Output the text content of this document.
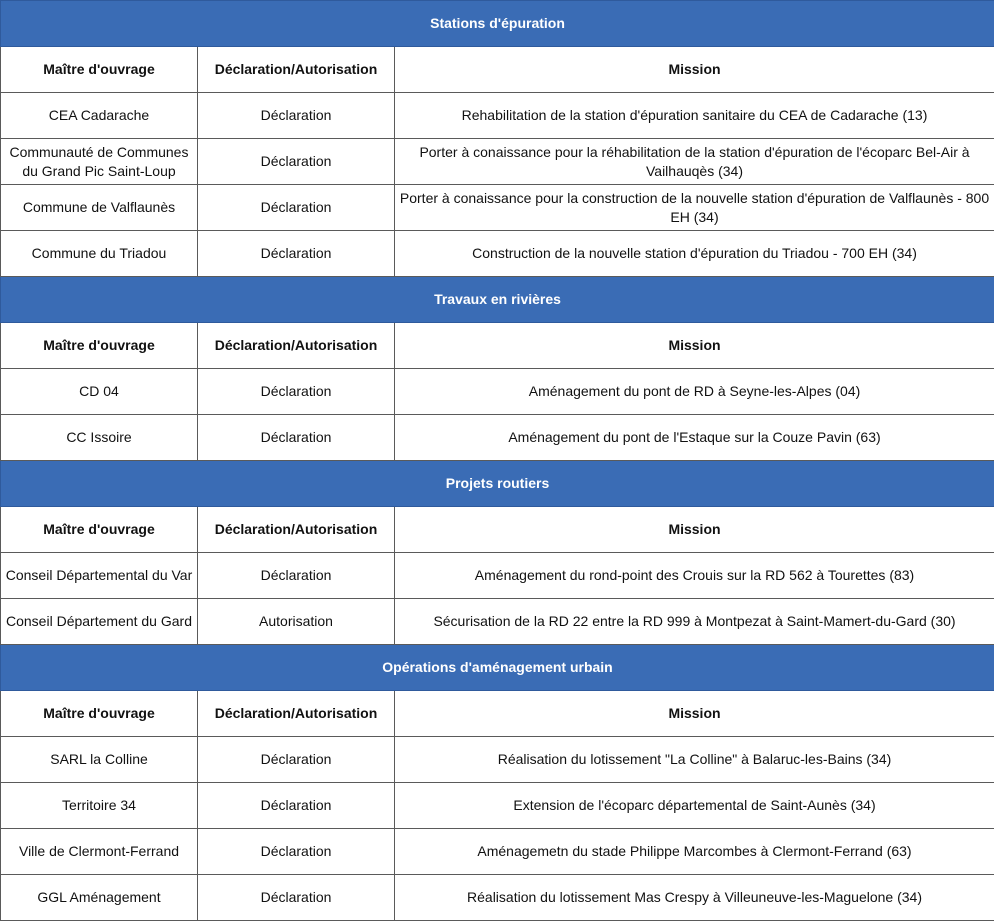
Stations d'épuration		
Maître d'ouvrage	Déclaration/Autorisation	Mission
CEA Cadarache	Déclaration	Rehabilitation de la station d'épuration sanitaire du CEA de Cadarache (13)
Communauté de Communes du Grand Pic Saint-Loup	Déclaration	Porter à conaissance pour la réhabilitation de la station d'épuration de l'écoparc Bel-Air à Vailhauqès (34)
Commune de Valflaunès	Déclaration	Porter à conaissance pour la construction de la nouvelle station d'épuration de Valflaunès - 800 EH (34)
Commune du Triadou	Déclaration	Construction de la nouvelle station d'épuration du Triadou - 700 EH (34)
Travaux en rivières		
Maître d'ouvrage	Déclaration/Autorisation	Mission
CD 04	Déclaration	Aménagement du pont de RD à Seyne-les-Alpes (04)
CC Issoire	Déclaration	Aménagement du pont de l'Estaque sur la Couze Pavin (63)
Projets routiers		
Maître d'ouvrage	Déclaration/Autorisation	Mission
Conseil Départemental du Var	Déclaration	Aménagement du rond-point des Crouis sur la RD 562 à Tourettes (83)
Conseil Département du Gard	Autorisation	Sécurisation de la RD 22 entre la RD 999 à Montpezat à Saint-Mamert-du-Gard (30)
Opérations d'aménagement urbain		
Maître d'ouvrage	Déclaration/Autorisation	Mission
SARL la Colline	Déclaration	Réalisation du lotissement "La Colline" à Balaruc-les-Bains (34)
Territoire 34	Déclaration	Extension de l'écoparc départemental de Saint-Aunès (34)
Ville de Clermont-Ferrand	Déclaration	Aménagemetn du stade Philippe Marcombes à Clermont-Ferrand (63)
GGL Aménagement	Déclaration	Réalisation du lotissement Mas Crespy à Villeuneuve-les-Maguelone (34)
